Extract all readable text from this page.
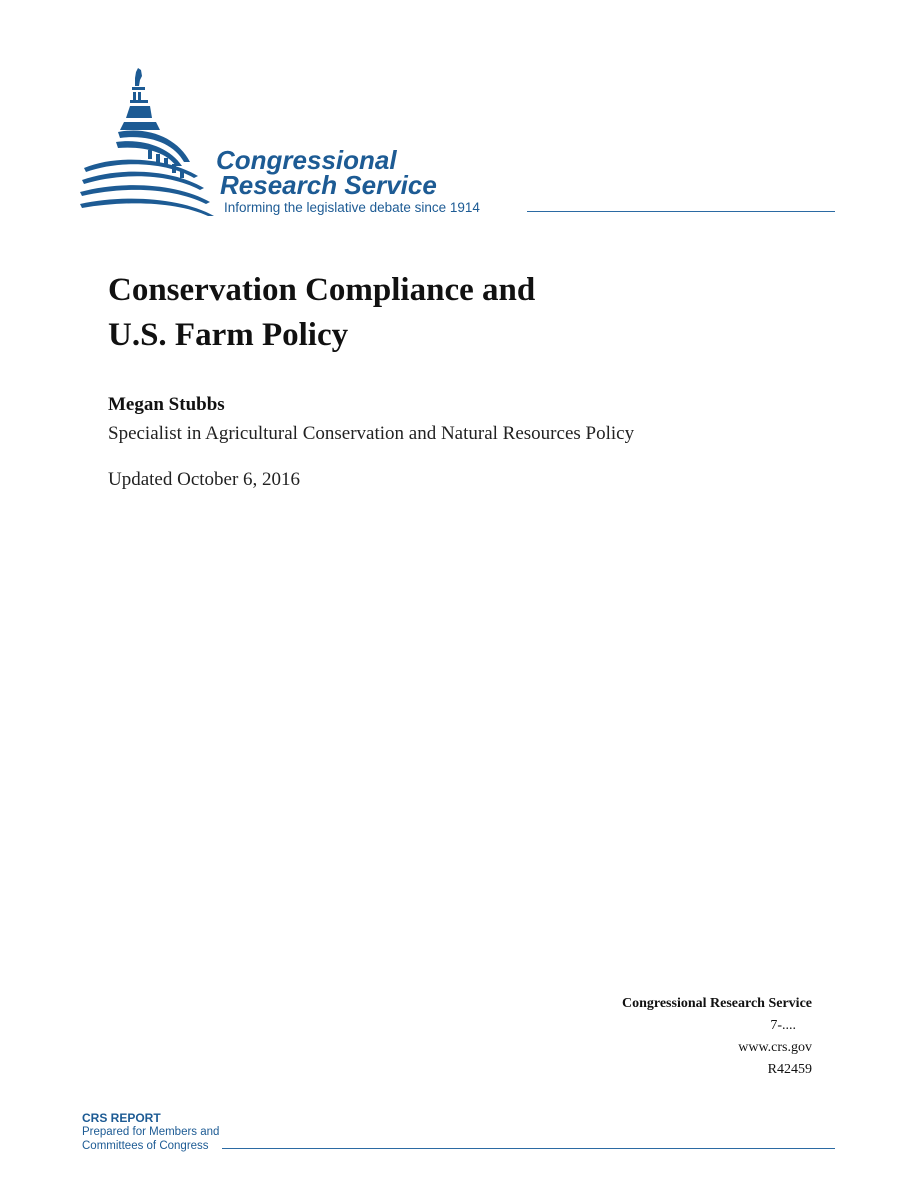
Congressional
Research Service
Informing the legislative debate since 1914
Conservation Compliance and
U.S. Farm Policy
Megan Stubbs
Specialist in Agricultural Conservation and Natural Resources Policy
Updated October 6, 2016
Congressional Research Service
7-....
www.crs.gov
R42459
CRS REPORT
Prepared for Members and
Committees of Congress
